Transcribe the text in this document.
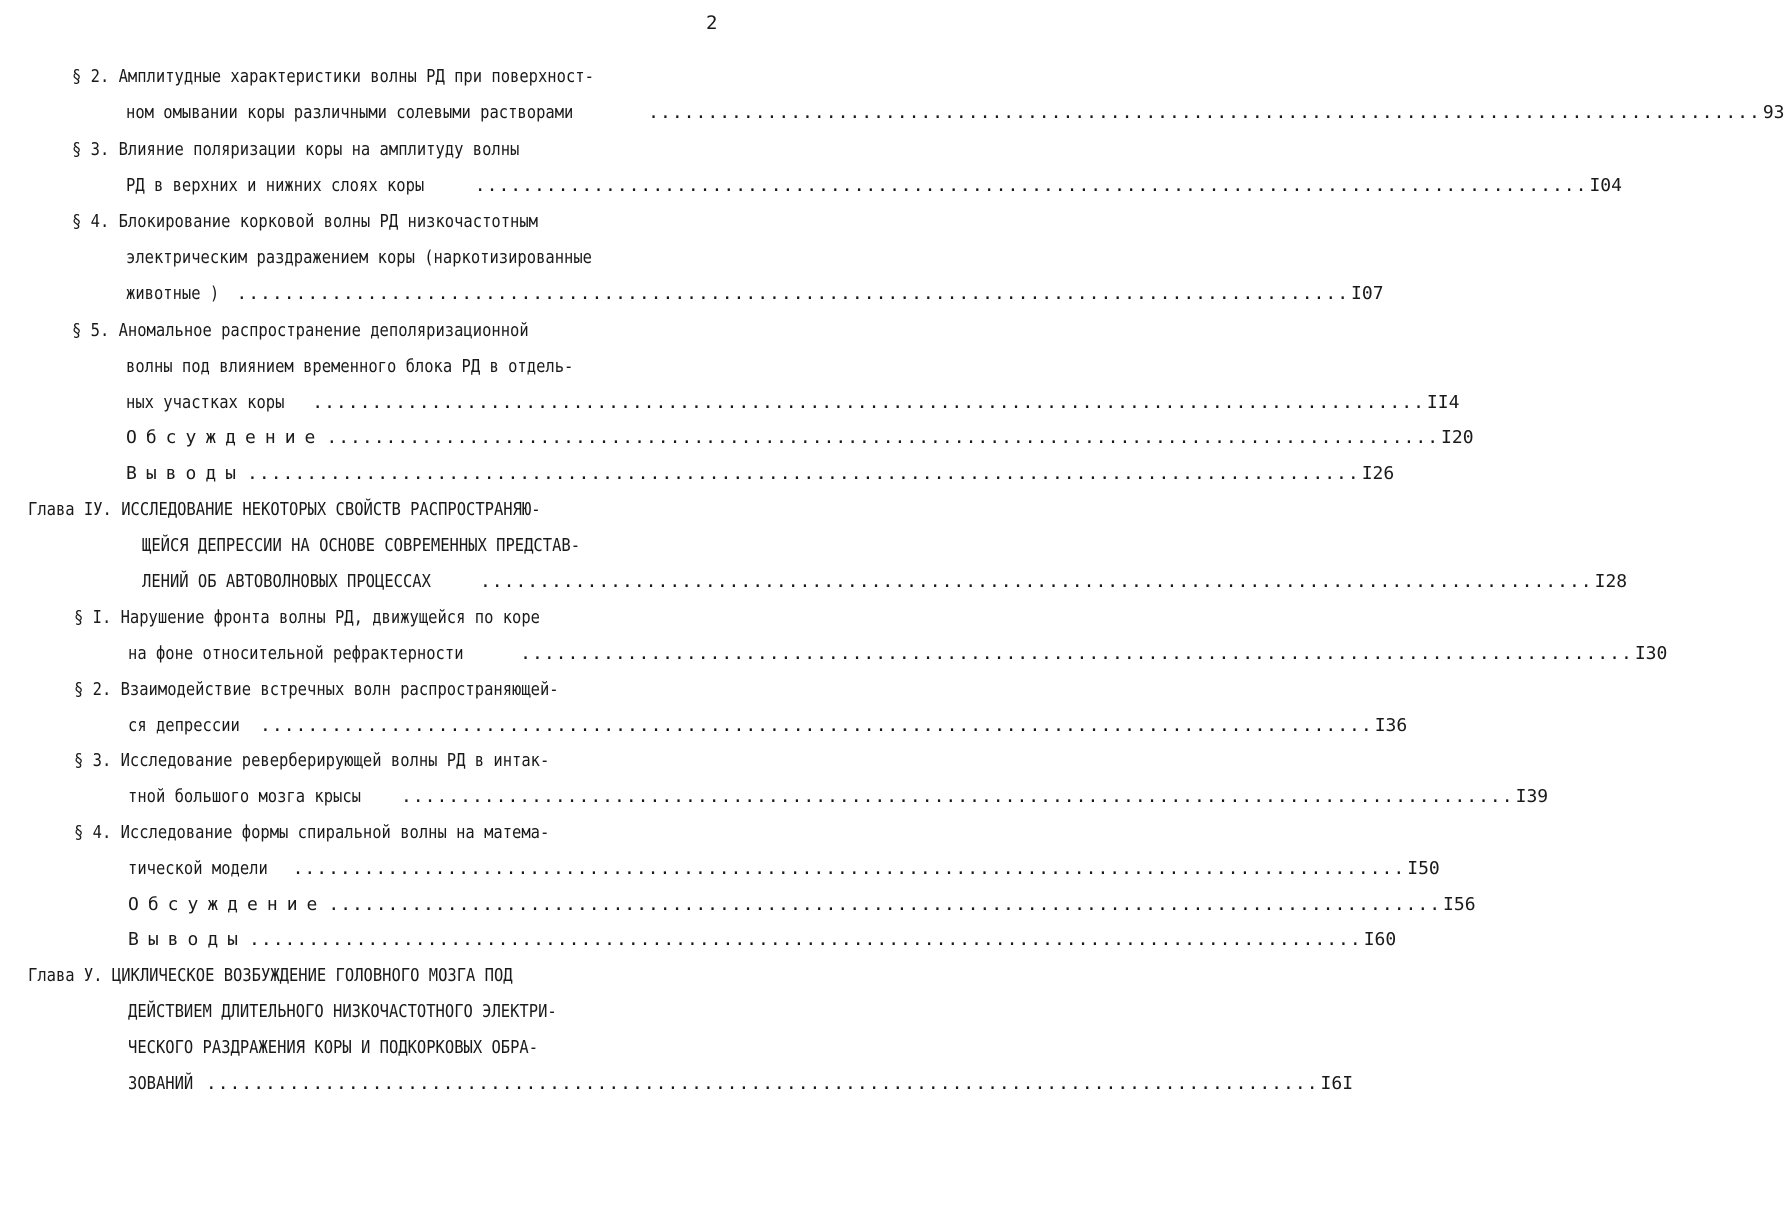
2
§ 2. Амплитудные характеристики волны РД при поверхност-
ном омывании коры различными солевыми растворами	.............................................................................................. 93
§ 3. Влияние поляризации коры на амплитуду волны
РД в верхних и нижних слоях коры	.............................................................................................. I04
§ 4. Блокирование корковой волны РД низкочастотным
электрическим раздражением коры (наркотизированные
животные ) .............................................................................................. I07
§ 5. Аномальное распространение деполяризационной
волны под влиянием временного блока РД в отдель-
ных участках коры .............................................................................................. II4
Обсуждение .............................................................................................. I20
Выводы .............................................................................................. I26
Глава IУ. ИССЛЕДОВАНИЕ НЕКОТОРЫХ СВОЙСТВ РАСПРОСТРАНЯЮ-
ЩЕЙСЯ ДЕПРЕССИИ НА ОСНОВЕ СОВРЕМЕННЫХ ПРЕДСТАВ-
ЛЕНИЙ ОБ АВТОВОЛНОВЫХ ПРОЦЕССАХ	.............................................................................................. I28
§ I. Нарушение фронта волны РД, движущейся по коре
на фоне относительной рефрактерности	.............................................................................................. I30
§ 2. Взаимодействие встречных волн распространяющей-
ся депрессии .............................................................................................. I36
§ 3. Исследование реверберирующей волны РД в интак-
тной большого мозга крысы .............................................................................................. I39
§ 4. Исследование формы спиральной волны на матема-
тической модели .............................................................................................. I50
Обсуждение .............................................................................................. I56
Выводы .............................................................................................. I60
Глава У. ЦИКЛИЧЕСКОЕ ВОЗБУЖДЕНИЕ ГОЛОВНОГО МОЗГА ПОД
ДЕЙСТВИЕМ ДЛИТЕЛЬНОГО НИЗКОЧАСТОТНОГО ЭЛЕКТРИ-
ЧЕСКОГО РАЗДРАЖЕНИЯ КОРЫ И ПОДКОРКОВЫХ ОБРА-
ЗОВАНИЙ .............................................................................................. I6I
